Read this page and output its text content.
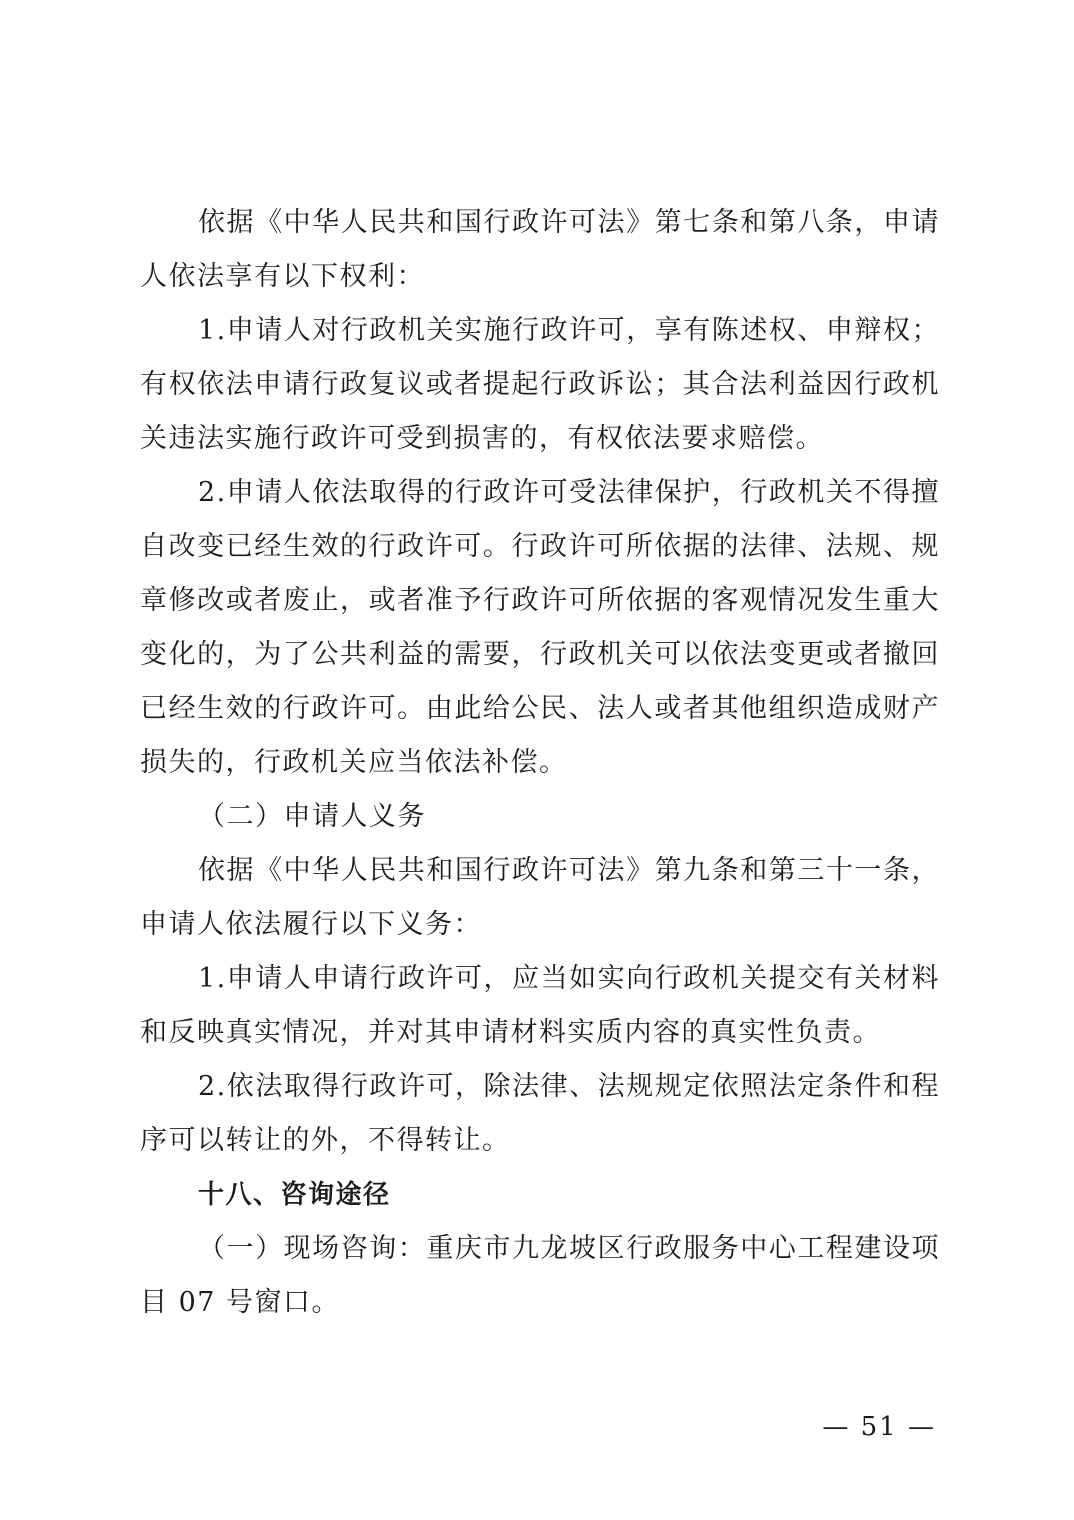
依据《中华人民共和国行政许可法》第七条和第八条，申请
人依法享有以下权利：
1.申请人对行政机关实施行政许可，享有陈述权、申辩权；
有权依法申请行政复议或者提起行政诉讼；其合法利益因行政机
关违法实施行政许可受到损害的，有权依法要求赔偿。
2.申请人依法取得的行政许可受法律保护，行政机关不得擅
自改变已经生效的行政许可。行政许可所依据的法律、法规、规
章修改或者废止，或者准予行政许可所依据的客观情况发生重大
变化的，为了公共利益的需要，行政机关可以依法变更或者撤回
已经生效的行政许可。由此给公民、法人或者其他组织造成财产
损失的，行政机关应当依法补偿。
（二）申请人义务
依据《中华人民共和国行政许可法》第九条和第三十一条，
申请人依法履行以下义务：
1.申请人申请行政许可，应当如实向行政机关提交有关材料
和反映真实情况，并对其申请材料实质内容的真实性负责。
2.依法取得行政许可，除法律、法规规定依照法定条件和程
序可以转让的外，不得转让。
十八、咨询途径
（一）现场咨询：重庆市九龙坡区行政服务中心工程建设项
目 07 号窗口。
— 51 —
